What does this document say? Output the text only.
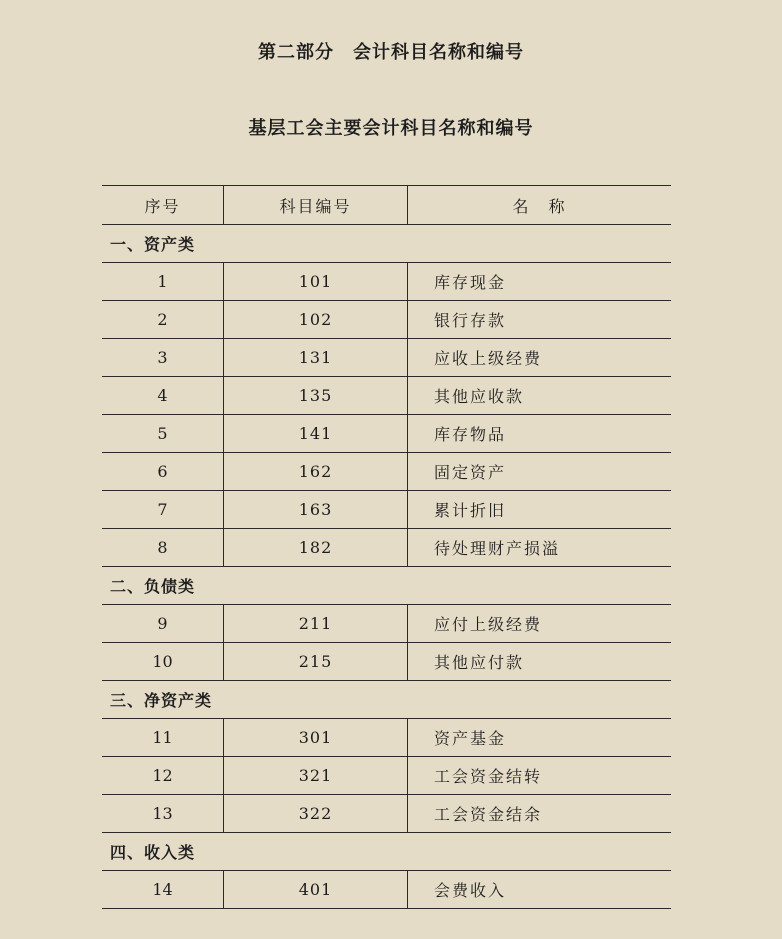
第二部分　会计科目名称和编号
基层工会主要会计科目名称和编号
序号	科目编号	名　称
一、资产类		
1	101	库存现金
2	102	银行存款
3	131	应收上级经费
4	135	其他应收款
5	141	库存物品
6	162	固定资产
7	163	累计折旧
8	182	待处理财产损溢
二、负债类		
9	211	应付上级经费
10	215	其他应付款
三、净资产类		
11	301	资产基金
12	321	工会资金结转
13	322	工会资金结余
四、收入类		
14	401	会费收入
